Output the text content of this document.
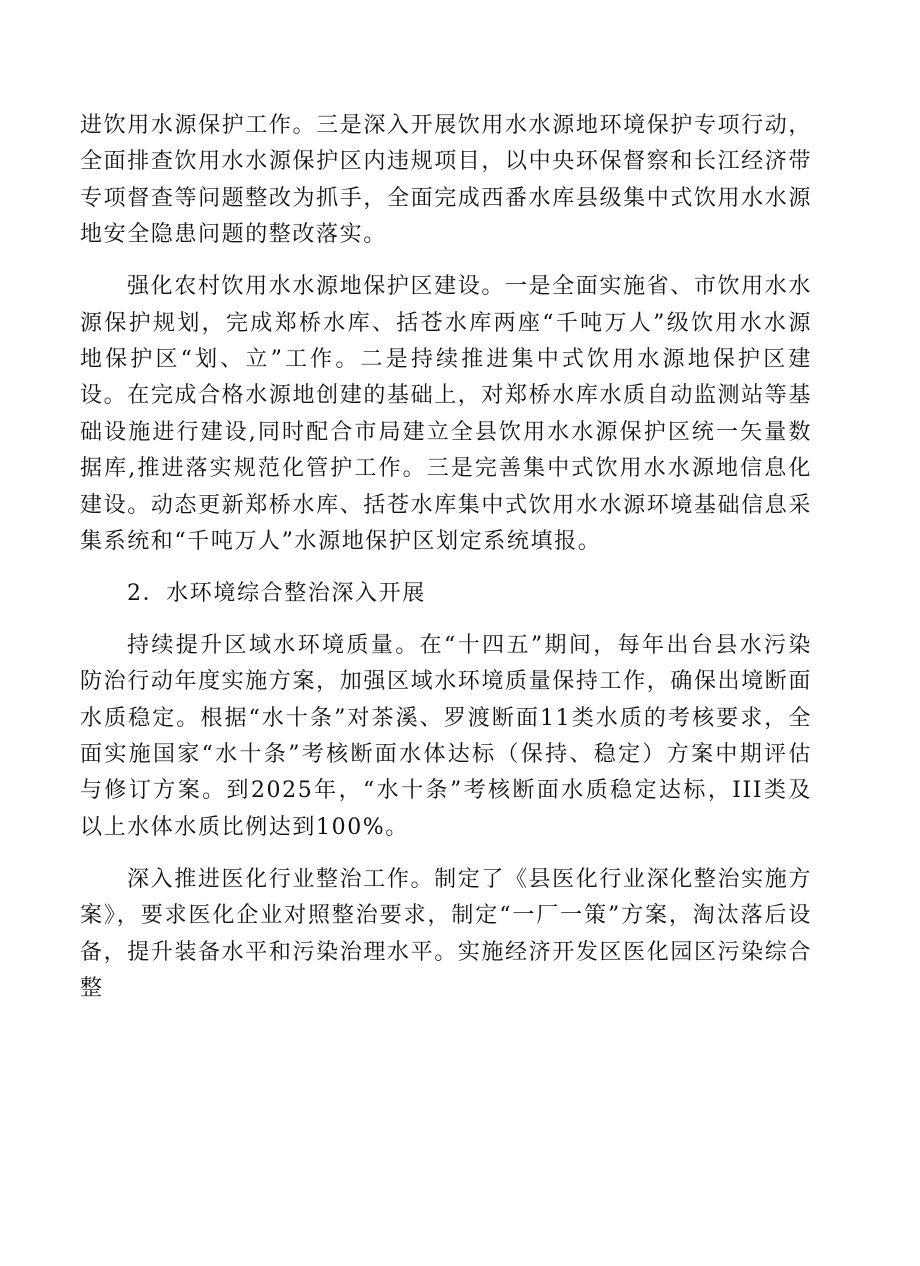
进饮用水源保护工作。三是深入开展饮用水水源地环境保护专项行动，全面排查饮用水水源保护区内违规项目，以中央环保督察和长江经济带专项督查等问题整改为抓手，全面完成西番水库县级集中式饮用水水源地安全隐患问题的整改落实。

强化农村饮用水水源地保护区建设。一是全面实施省、市饮用水水源保护规划，完成郑桥水库、括苍水库两座“千吨万人”级饮用水水源地保护区“划、立”工作。二是持续推进集中式饮用水源地保护区建设。在完成合格水源地创建的基础上，对郑桥水库水质自动监测站等基础设施进行建设,同时配合市局建立全县饮用水水源保护区统一矢量数据库,推进落实规范化管护工作。三是完善集中式饮用水水源地信息化建设。动态更新郑桥水库、括苍水库集中式饮用水水源环境基础信息采集系统和“千吨万人”水源地保护区划定系统填报。

2．水环境综合整治深入开展

持续提升区域水环境质量。在“十四五”期间，每年出台县水污染防治行动年度实施方案，加强区域水环境质量保持工作，确保出境断面水质稳定。根据“水十条”对茶溪、罗渡断面11类水质的考核要求，全面实施国家“水十条”考核断面水体达标（保持、稳定）方案中期评估与修订方案。到2025年，“水十条”考核断面水质稳定达标，III类及以上水体水质比例达到100%。

深入推进医化行业整治工作。制定了《县医化行业深化整治实施方案》，要求医化企业对照整治要求，制定“一厂一策”方案，淘汰落后设备，提升装备水平和污染治理水平。实施经济开发区医化园区污染综合整
